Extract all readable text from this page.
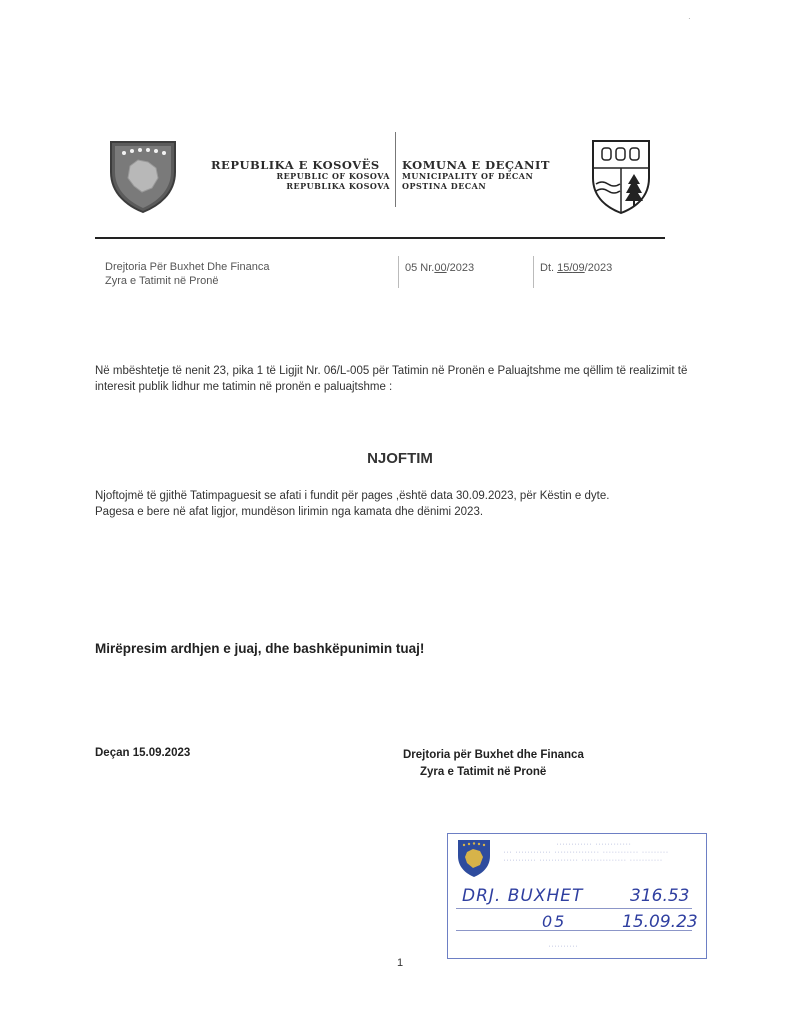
·
REPUBLIKA E KOSOVËS
REPUBLIC OF KOSOVA
REPUBLIKA KOSOVA
KOMUNA E DEÇANIT
MUNICIPALITY OF DECAN
OPSTINA DECAN
Drejtoria Për Buxhet Dhe Financa
Zyra e Tatimit në Pronë
05 Nr.00/2023	Dt. 15/09/2023
Në mbështetje të nenit 23, pika 1 të Ligjit Nr. 06/L-005 për Tatimin në Pronën e Paluajtshme me qëllim të realizimit të interesit publik lidhur me tatimin në pronën e paluajtshme :
NJOFTIM
Njoftojmë të gjithë Tatimpaguesit se afati i fundit për pages ,është data 30.09.2023, për Këstin e dyte.
Pagesa e bere në afat ligjor, mundëson lirimin nga kamata dhe dënimi 2023.
Mirëpresim ardhjen e juaj, dhe bashkëpunimin tuaj!
Deçan 15.09.2023	Drejtoria për Buxhet dhe Financa
Zyra e Tatimit në Pronë
············ ············
··· ············ ··············· ············ ·········
··········· ············· ··············· ···········
DRJ. BUXHET	316.53
05	15.09.23
··········
1
